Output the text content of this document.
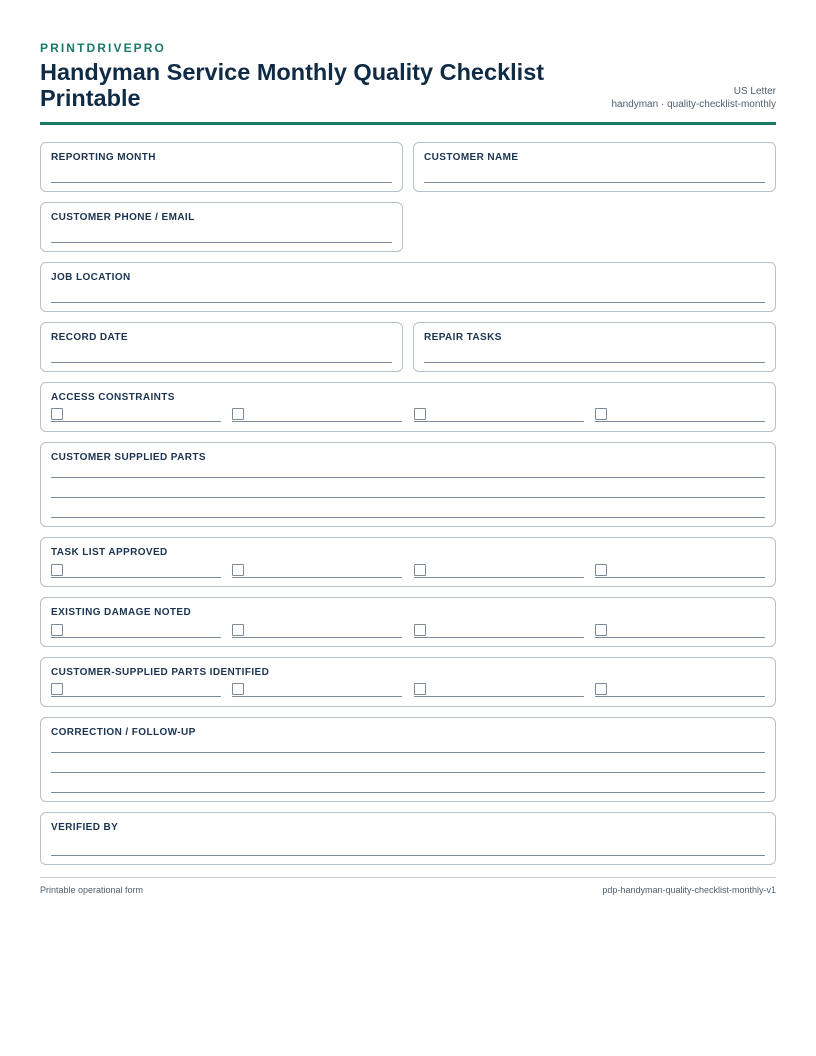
PRINTDRIVEPRO
Handyman Service Monthly Quality Checklist Printable	US Letter
handyman · quality-checklist-monthly
REPORTING MONTH	CUSTOMER NAME
CUSTOMER PHONE / EMAIL
JOB LOCATION
RECORD DATE	REPAIR TASKS
ACCESS CONSTRAINTS
CUSTOMER SUPPLIED PARTS
TASK LIST APPROVED
EXISTING DAMAGE NOTED
CUSTOMER-SUPPLIED PARTS IDENTIFIED
CORRECTION / FOLLOW-UP
VERIFIED BY
Printable operational form	pdp-handyman-quality-checklist-monthly-v1
